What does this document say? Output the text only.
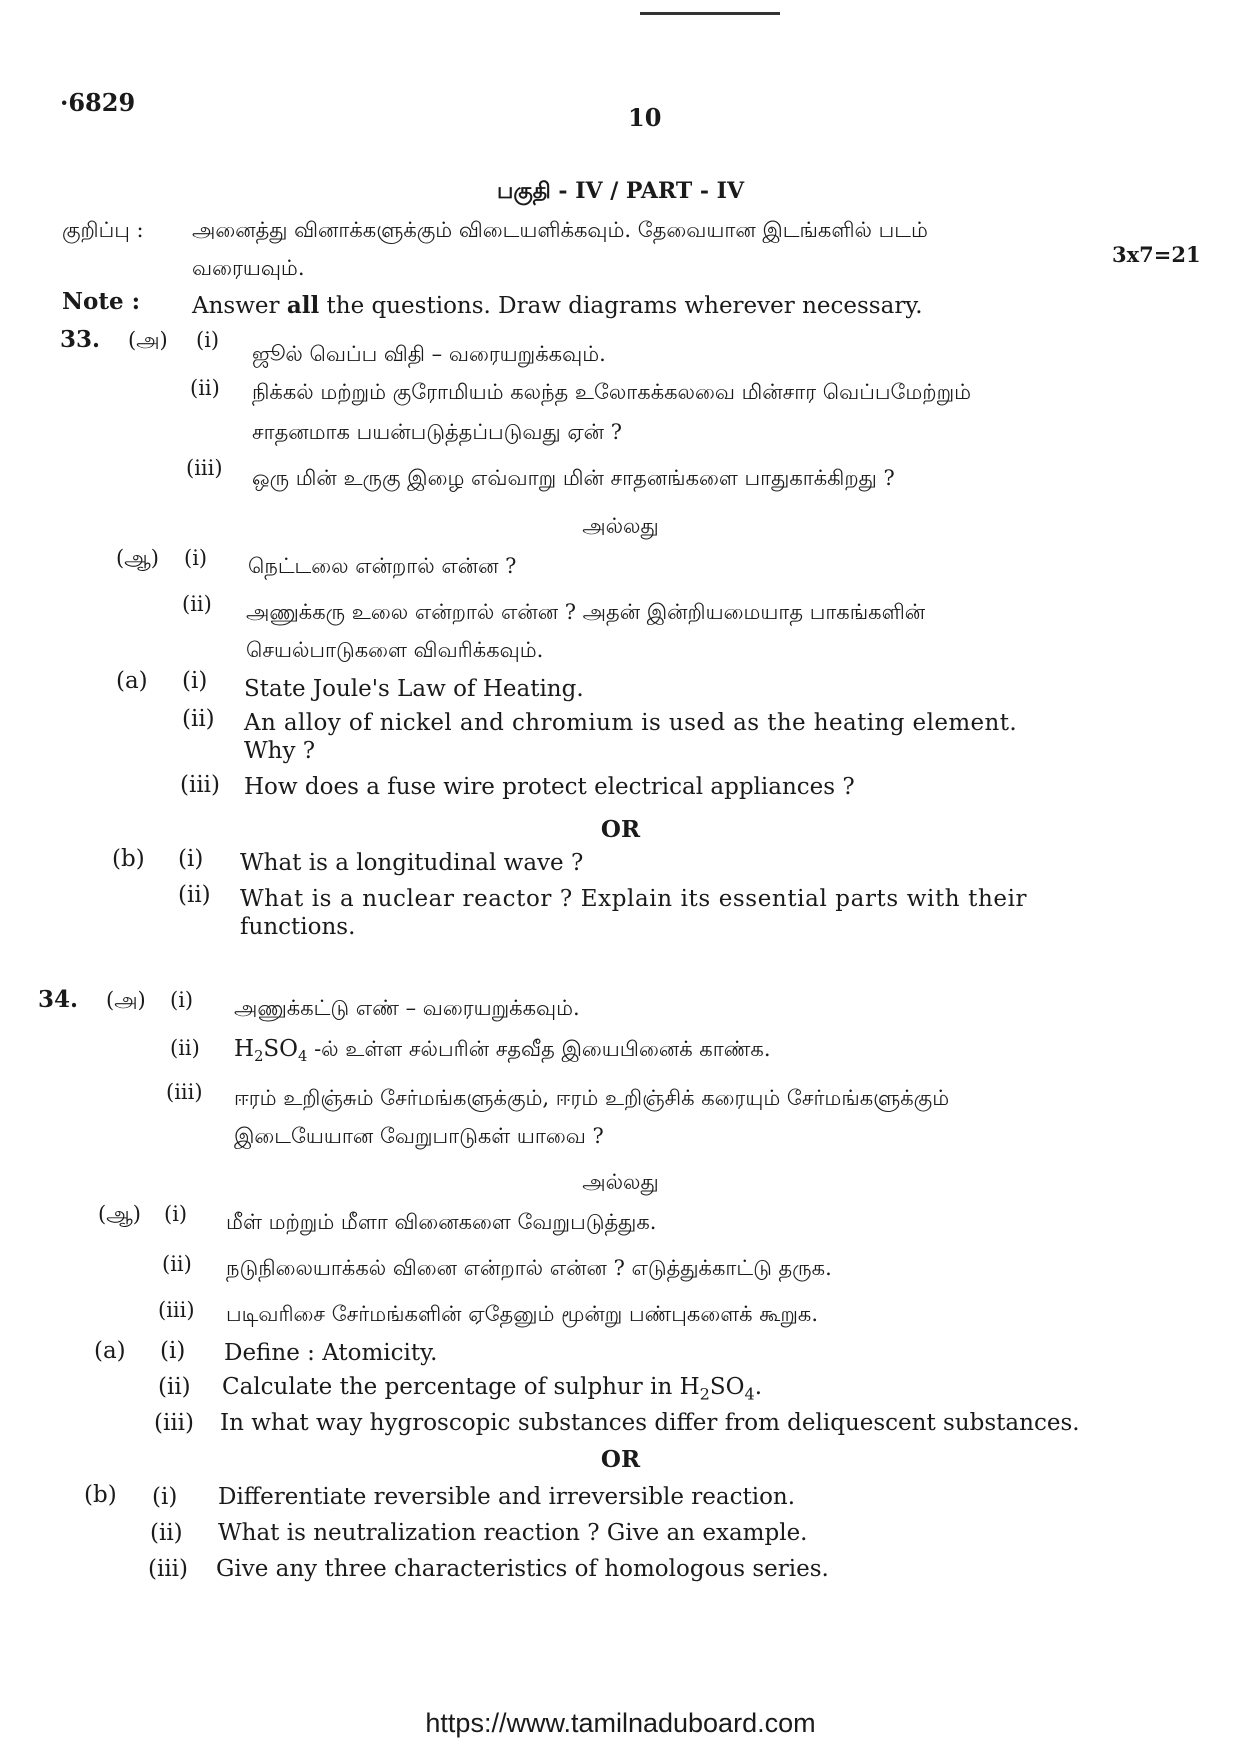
·6829
10
பகுதி - IV / PART - IV
குறிப்பு : அனைத்து வினாக்களுக்கும் விடையளிக்கவும். தேவையான இடங்களில் படம்
வரையவும்.
3x7=21
Note : Answer all the questions. Draw diagrams wherever necessary.
33. (அ) (i)
ஜூல் வெப்ப விதி – வரையறுக்கவும்.
(ii) நிக்கல் மற்றும் குரோமியம் கலந்த உலோகக்கலவை மின்சார வெப்பமேற்றும்
சாதனமாக பயன்படுத்தப்படுவது ஏன் ?
(iii) ஒரு மின் உருகு இழை எவ்வாறு மின் சாதனங்களை பாதுகாக்கிறது ?
அல்லது
(ஆ) (i) நெட்டலை என்றால் என்ன ?
(ii) அணுக்கரு உலை என்றால் என்ன ? அதன் இன்றியமையாத பாகங்களின்
செயல்பாடுகளை விவரிக்கவும்.
(a) (i) State Joule's Law of Heating.
(ii) An alloy of nickel and chromium is used as the heating element.
Why ?
(iii) How does a fuse wire protect electrical appliances ?
OR
(b) (i) What is a longitudinal wave ?
(ii) What is a nuclear reactor ? Explain its essential parts with their
functions.
34. (அ) (i) அணுக்கட்டு எண் – வரையறுக்கவும்.
(ii) $H_2SO_4$ -ல் உள்ள சல்பரின் சதவீத இயைபினைக் காண்க.
(iii) ஈரம் உறிஞ்சும் சேர்மங்களுக்கும், ஈரம் உறிஞ்சிக் கரையும் சேர்மங்களுக்கும்
இடையேயான வேறுபாடுகள் யாவை ?
அல்லது
(ஆ) (i) மீள் மற்றும் மீளா வினைகளை வேறுபடுத்துக.
(ii) நடுநிலையாக்கல் வினை என்றால் என்ன ? எடுத்துக்காட்டு தருக.
(iii) படிவரிசை சேர்மங்களின் ஏதேனும் மூன்று பண்புகளைக் கூறுக.
(a) (i) Define : Atomicity.
(ii) Calculate the percentage of sulphur in $H_2SO_4$.
(iii) In what way hygroscopic substances differ from deliquescent substances.
OR
(b) (i) Differentiate reversible and irreversible reaction.
(ii) What is neutralization reaction ? Give an example.
(iii) Give any three characteristics of homologous series.
https://www.tamilnaduboard.com
